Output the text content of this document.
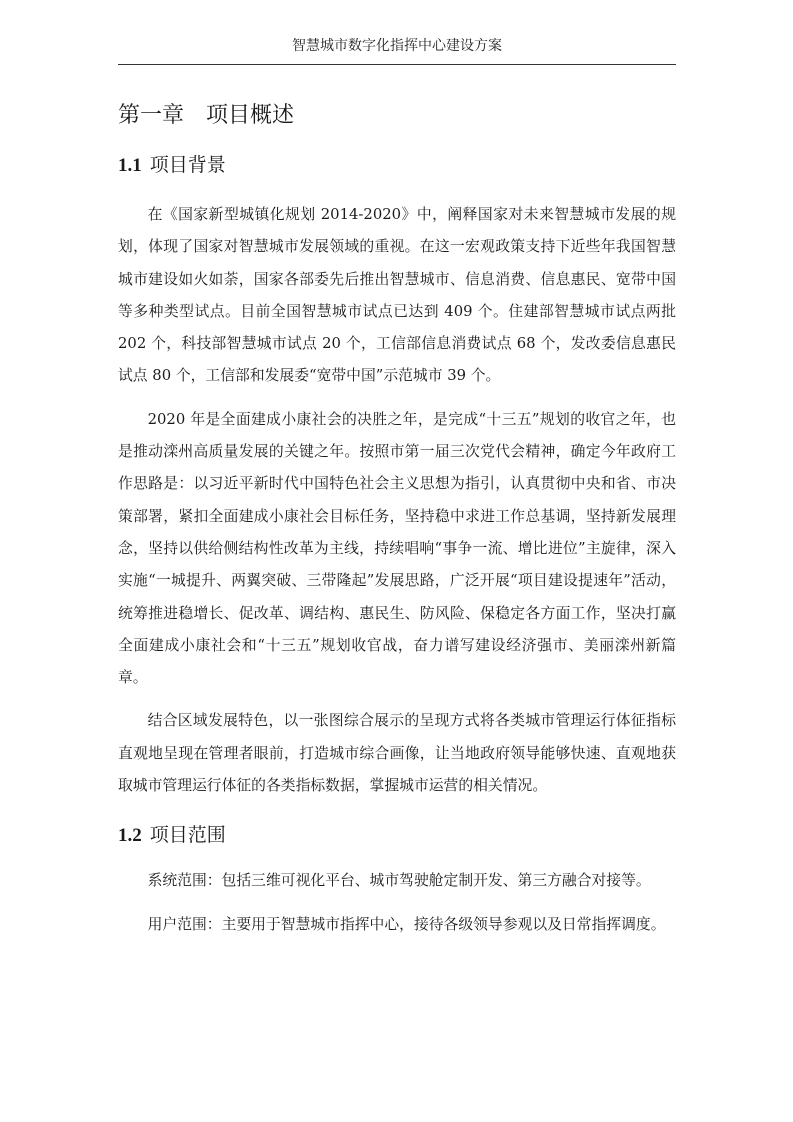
智慧城市数字化指挥中心建设方案
第一章　项目概述
1.1 项目背景

在《国家新型城镇化规划 2014-2020》中，阐释国家对未来智慧城市发展的规划，体现了国家对智慧城市发展领域的重视。在这一宏观政策支持下近些年我国智慧城市建设如火如荼，国家各部委先后推出智慧城市、信息消费、信息惠民、宽带中国等多种类型试点。目前全国智慧城市试点已达到 409 个。住建部智慧城市试点两批 202 个，科技部智慧城市试点 20 个，工信部信息消费试点 68 个，发改委信息惠民试点 80 个，工信部和发展委“宽带中国”示范城市 39 个。

2020 年是全面建成小康社会的决胜之年，是完成“十三五”规划的收官之年，也是推动滦州高质量发展的关键之年。按照市第一届三次党代会精神，确定今年政府工作思路是：以习近平新时代中国特色社会主义思想为指引，认真贯彻中央和省、市决策部署，紧扣全面建成小康社会目标任务，坚持稳中求进工作总基调，坚持新发展理念，坚持以供给侧结构性改革为主线，持续唱响“事争一流、增比进位”主旋律，深入实施“一城提升、两翼突破、三带隆起”发展思路，广泛开展“项目建设提速年”活动，统筹推进稳增长、促改革、调结构、惠民生、防风险、保稳定各方面工作，坚决打赢全面建成小康社会和“十三五”规划收官战，奋力谱写建设经济强市、美丽滦州新篇章。

结合区域发展特色，以一张图综合展示的呈现方式将各类城市管理运行体征指标直观地呈现在管理者眼前，打造城市综合画像，让当地政府领导能够快速、直观地获取城市管理运行体征的各类指标数据，掌握城市运营的相关情况。

1.2 项目范围

系统范围：包括三维可视化平台、城市驾驶舱定制开发、第三方融合对接等。

用户范围：主要用于智慧城市指挥中心，接待各级领导参观以及日常指挥调度。
